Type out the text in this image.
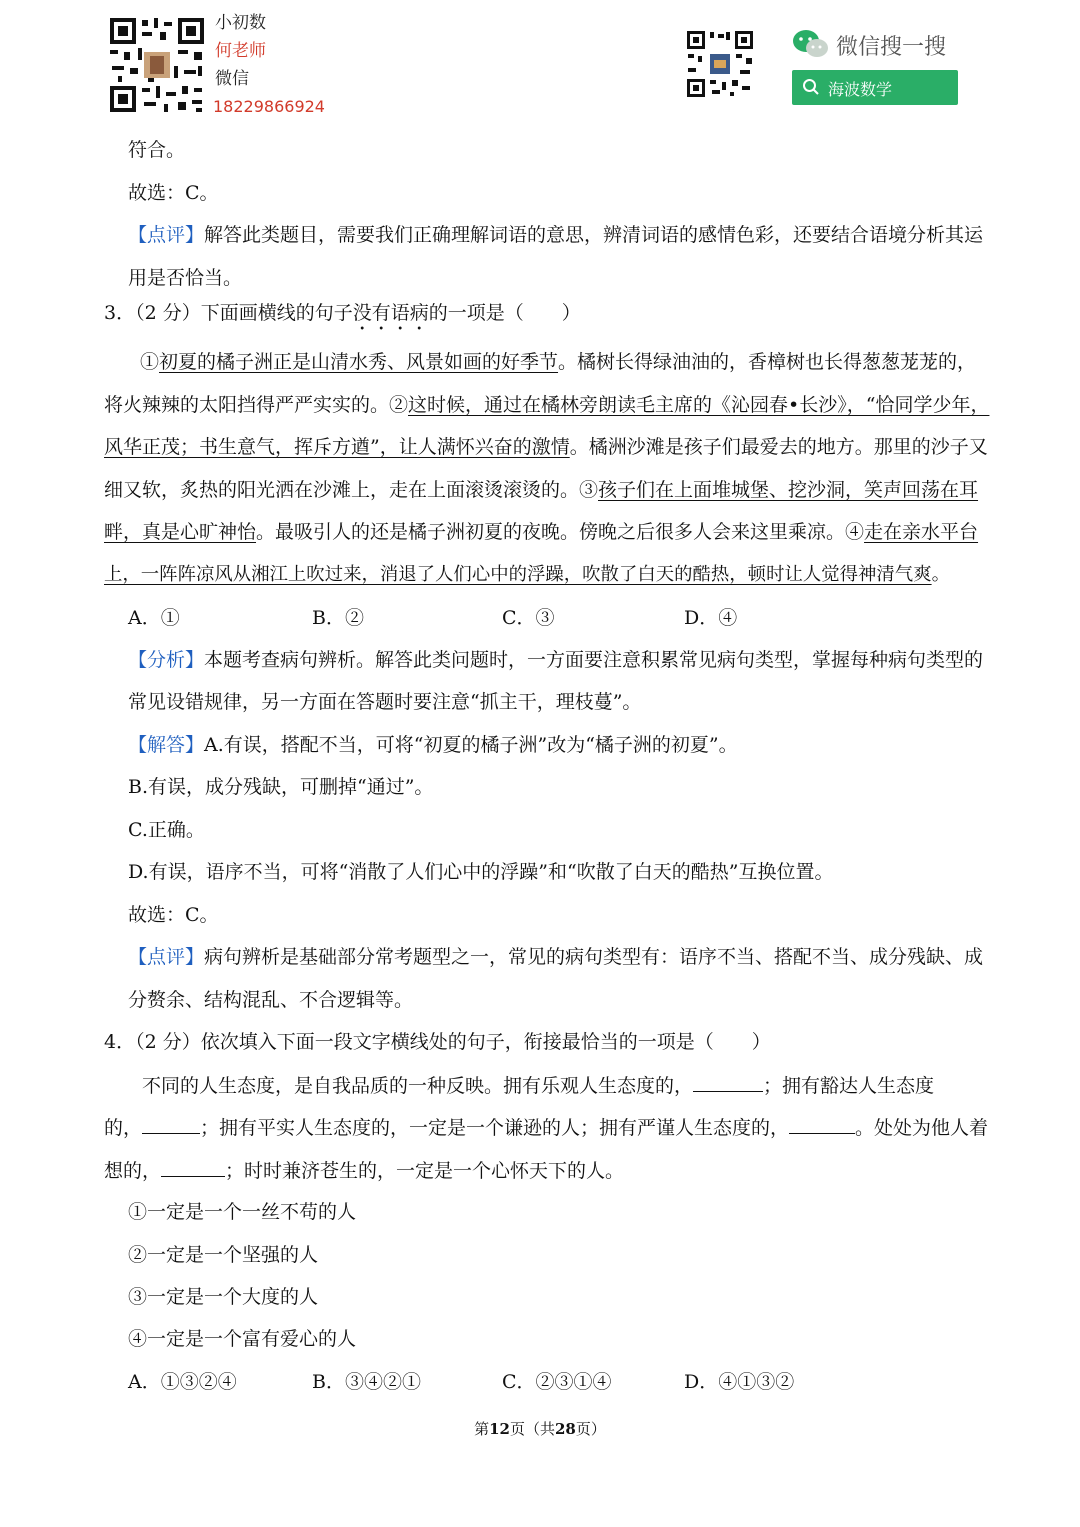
小初数
何老师
微信
18229866924
微信搜一搜
海波数学
符合。
故选：C。
【点评】解答此类题目，需要我们正确理解词语的意思，辨清词语的感情色彩，还要结合语境分析其运
用是否恰当。
3．（2 分）下面画横线的句子没有语病的一项是（　　）
①初夏的橘子洲正是山清水秀、风景如画的好季节。橘树长得绿油油的，香樟树也长得葱葱茏茏的，
将火辣辣的太阳挡得严严实实的。②这时候，通过在橘林旁朗读毛主席的《沁园春•长沙》，“恰同学少年，
风华正茂；书生意气，挥斥方遒”，让人满怀兴奋的激情。橘洲沙滩是孩子们最爱去的地方。那里的沙子又
细又软，炙热的阳光洒在沙滩上，走在上面滚烫滚烫的。③孩子们在上面堆城堡、挖沙洞，笑声回荡在耳
畔，真是心旷神怡。最吸引人的还是橘子洲初夏的夜晚。傍晚之后很多人会来这里乘凉。④走在亲水平台
上，一阵阵凉风从湘江上吹过来，消退了人们心中的浮躁，吹散了白天的酷热，顿时让人觉得神清气爽。
A．①	B．②	C．③	D．④
【分析】本题考查病句辨析。解答此类问题时，一方面要注意积累常见病句类型，掌握每种病句类型的
常见设错规律，另一方面在答题时要注意“抓主干，理枝蔓”。
【解答】A.有误，搭配不当，可将“初夏的橘子洲”改为“橘子洲的初夏”。
B.有误，成分残缺，可删掉“通过”。
C.正确。
D.有误，语序不当，可将“消散了人们心中的浮躁”和“吹散了白天的酷热”互换位置。
故选：C。
【点评】病句辨析是基础部分常考题型之一，常见的病句类型有：语序不当、搭配不当、成分残缺、成
分赘余、结构混乱、不合逻辑等。
4．（2 分）依次填入下面一段文字横线处的句子，衔接最恰当的一项是（　　）
不同的人生态度，是自我品质的一种反映。拥有乐观人生态度的，	；拥有豁达人生态度
的，	；拥有平实人生态度的，一定是一个谦逊的人；拥有严谨人生态度的，	。处处为他人着
想的，	；时时兼济苍生的，一定是一个心怀天下的人。
①一定是一个一丝不苟的人
②一定是一个坚强的人
③一定是一个大度的人
④一定是一个富有爱心的人
A．①③②④	B．③④②①	C．②③①④	D．④①③②
第12页（共28页）
